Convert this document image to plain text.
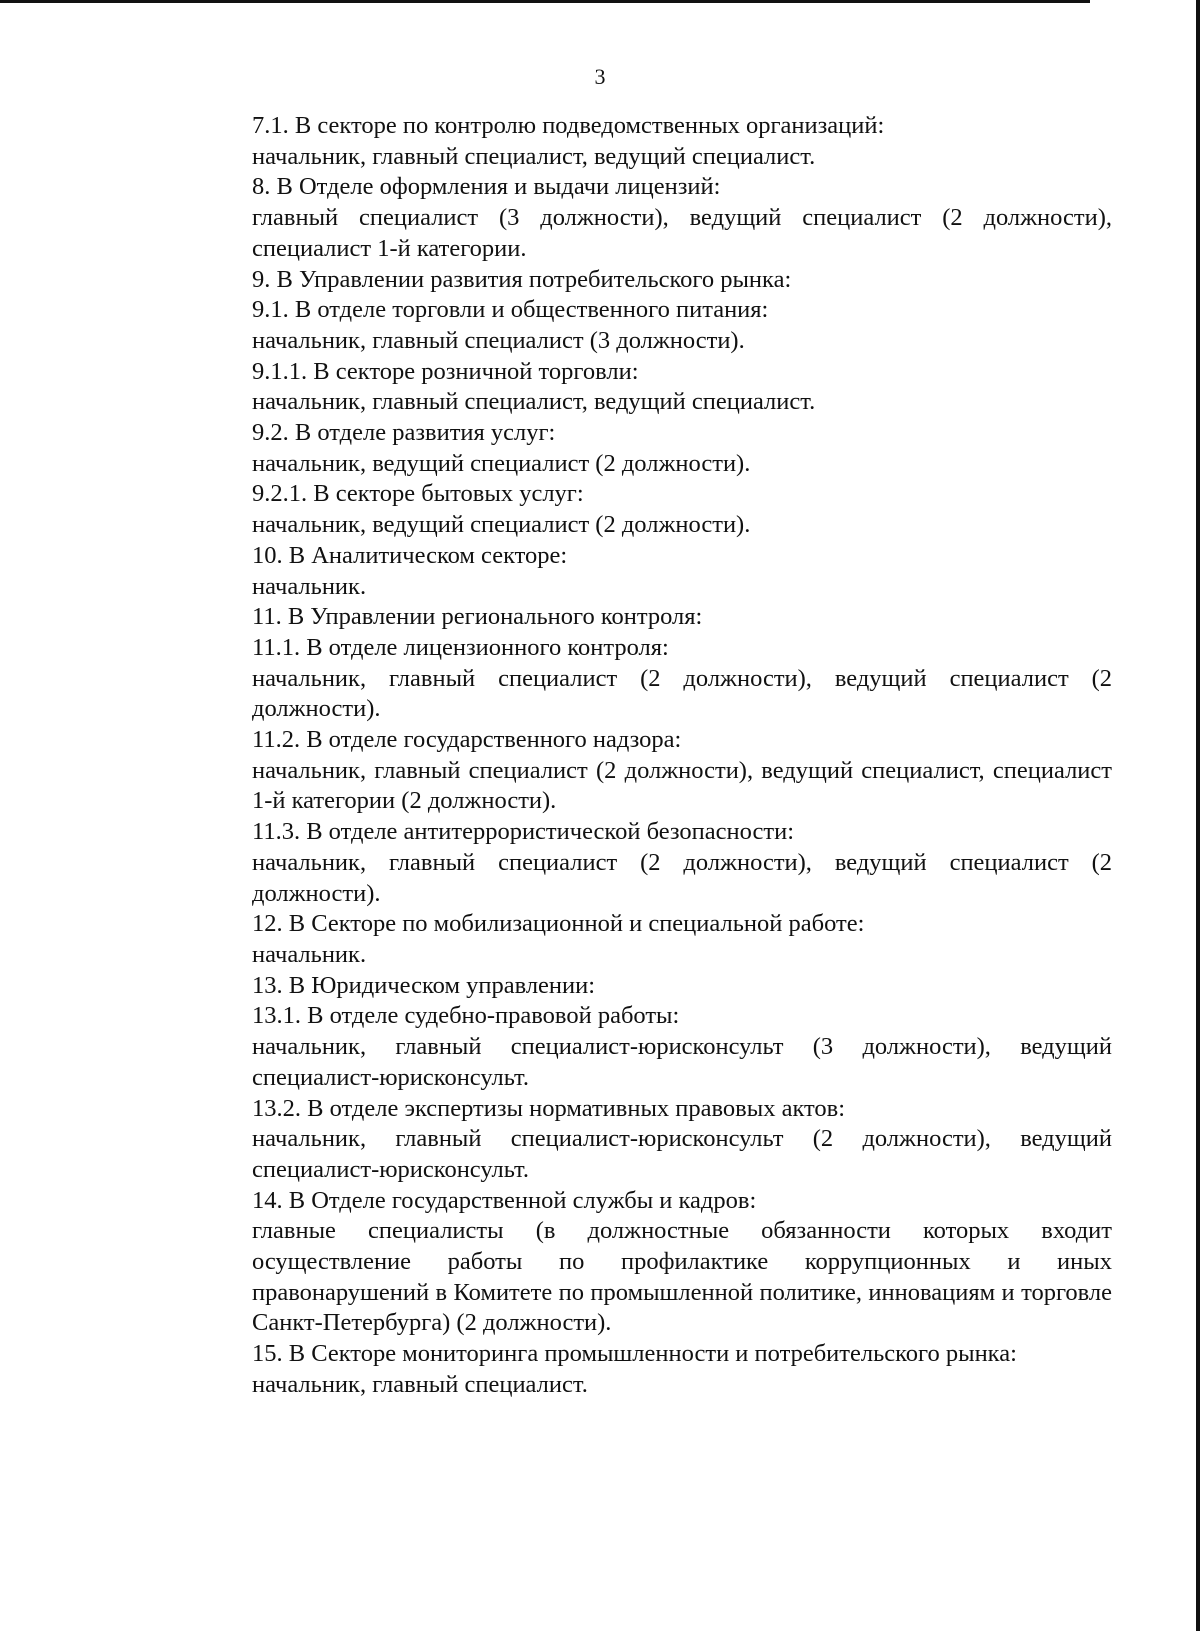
3

7.1. В секторе по контролю подведомственных организаций:

начальник, главный специалист, ведущий специалист.

8. В Отделе оформления и выдачи лицензий:

главный специалист (3 должности), ведущий специалист (2 должности), специалист 1-й категории.

9. В Управлении развития потребительского рынка:

9.1. В отделе торговли и общественного питания:

начальник, главный специалист (3 должности).

9.1.1. В секторе розничной торговли:

начальник, главный специалист, ведущий специалист.

9.2. В отделе развития услуг:

начальник, ведущий специалист (2 должности).

9.2.1. В секторе бытовых услуг:

начальник, ведущий специалист (2 должности).

10. В Аналитическом секторе:

начальник.

11. В Управлении регионального контроля:

11.1. В отделе лицензионного контроля:

начальник, главный специалист (2 должности), ведущий специалист (2 должности).

11.2. В отделе государственного надзора:

начальник, главный специалист (2 должности), ведущий специалист, специалист 1-й категории (2 должности).

11.3. В отделе антитеррористической безопасности:

начальник, главный специалист (2 должности), ведущий специалист (2 должности).

12. В Секторе по мобилизационной и специальной работе:

начальник.

13. В Юридическом управлении:

13.1. В отделе судебно-правовой работы:

начальник, главный специалист-юрисконсульт (3 должности), ведущий специалист-юрисконсульт.

13.2. В отделе экспертизы нормативных правовых актов:

начальник, главный специалист-юрисконсульт (2 должности), ведущий специалист-юрисконсульт.

14. В Отделе государственной службы и кадров:

главные специалисты (в должностные обязанности которых входит осуществление работы по профилактике коррупционных и иных правонарушений в Комитете по промышленной политике, инновациям и торговле Санкт-Петербурга) (2 должности).

15. В Секторе мониторинга промышленности и потребительского рынка:

начальник, главный специалист.
